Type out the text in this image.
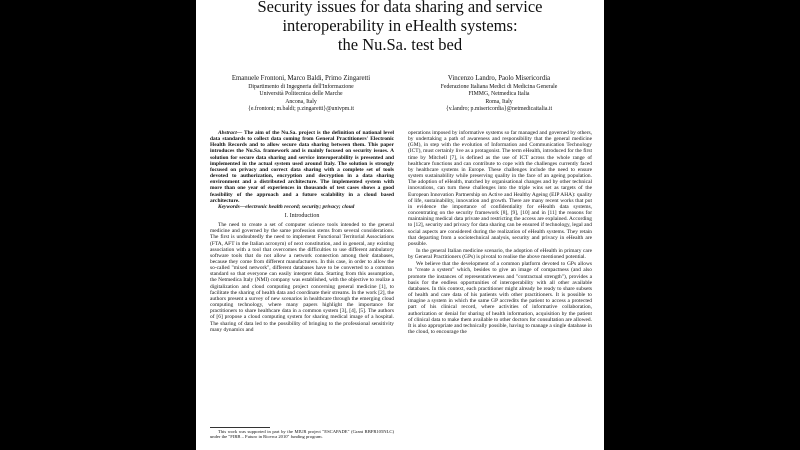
Security issues for data sharing and service
interoperability in eHealth systems:
the Nu.Sa. test bed
Emanuele Frontoni, Marco Baldi, Primo Zingaretti
Dipartimento di Ingegneria dell'Informazione
Università Politecnica delle Marche
Ancona, Italy
{e.frontoni; m.baldi; p.zingaretti}@univpm.it
Vincenzo Landro, Paolo Misericordia
Federazione Italiana Medici di Medicina Generale
FIMMG, Netmedica Italia
Roma, Italy
{v.landro; p.misericordia}@netmedicaitalia.it

Abstract— The aim of the Nu.Sa. project is the definition of national level data standards to collect data coming from General Practitioners' Electronic Health Records and to allow secure data sharing between them. This paper introduces the Nu.Sa. framework and is mainly focused on security issues. A solution for secure data sharing and service interoperability is presented and implemented in the actual system used around Italy. The solution is strongly focused on privacy and correct data sharing with a complete set of tools devoted to authorization, encryption and decryption in a data sharing environment and a distributed architecture. The implemented system with more than one year of experiences in thousands of test cases shows a good feasibility of the approach and a future scalability in a cloud based architecture.

Keywords—electronic health record; security; privacy; cloud

I. Introduction

The need to create a set of computer science tools intended to the general medicine and governed by the same profession stems from several considerations. The first is undoubtedly the need to implement Functional Territorial Associations (FTA, AFT in the Italian acronym) of next constitution, and in general, any existing association with a tool that overcomes the difficulties to use different ambulatory software tools that do not allow a network connection among their databases, because they come from different manufacturers. In this case, in order to allow the so-called "mixed network", different databases have to be converted to a common standard so that everyone can easily interpret data. Starting from this assumption, the Netmedica Italy (NMI) company was established, with the objective to realize a digitalization and cloud computing project concerning general medicine [1], to facilitate the sharing of health data and coordinate their streams. In the work [2], the authors present a survey of new scenarios in healthcare through the emerging cloud computing technology, where many papers highlight the importance for practitioners to share healthcare data in a common system [3], [4], [5]. The authors of [6] propose a cloud computing system for sharing medical image of a hospital. The sharing of data led to the possibility of bringing to the professional sensitivity many dynamics and

This work was supported in part by the MIUR project "ESCAPADE" (Grant RBFR105NLC) under the "FIRB – Futuro in Ricerca 2010" funding program.

operations imposed by informative systems so far managed and governed by others, by undertaking a path of awareness and responsibility that the general medicine (GM), in step with the evolution of Information and Communication Technology (ICT), must certainly live as a protagonist. The term eHealth, introduced for the first time by Mitchell [7], is defined as the use of ICT across the whole range of healthcare functions and can contribute to cope with the challenges currently faced by healthcare systems in Europe. These challenges include the need to ensure system sustainability while preserving quality in the face of an ageing population. The adoption of eHealth, matched by organisational changes and by other technical innovations, can turn these challenges into the triple wins set as targets of the European Innovation Partnership on Active and Healthy Ageing (EIP AHA): quality of life, sustainability, innovation and growth. There are many recent works that put in evidence the importance of confidentiality for eHealth data systems, concentrating on the security framework [8], [9], [10] and in [11] the reasons for maintaining medical data private and restricting the access are explained. According to [12], security and privacy for data sharing can be ensured if technology, legal and social aspects are considered during the realization of eHealth systems. They retain that departing from a sociotechnical analysis, security and privacy in eHealth are possible.

In the general Italian medicine scenario, the adoption of eHealth in primary care by General Practitioners (GPs) is pivotal to realise the above mentioned potential.

We believe that the development of a common platform devoted to GPs allows to "create a system" which, besides to give an image of compactness (and also promote the instances of representativeness and "contractual strength"), provides a basis for the endless opportunities of interoperability with all other available databases. In this context, each practitioner might already be ready to share subsets of health and care data of his patients with other practitioners. It is possible to imagine a system in which the same GP accredits the patient to access a protected part of his clinical record, where activities of informative collaboration, authorization or denial for sharing of health information, acquisition by the patient of clinical data to make them available to other doctors for consultation are allowed. It is also appropriate and technically possible, having to manage a single database in the cloud, to encourage the
